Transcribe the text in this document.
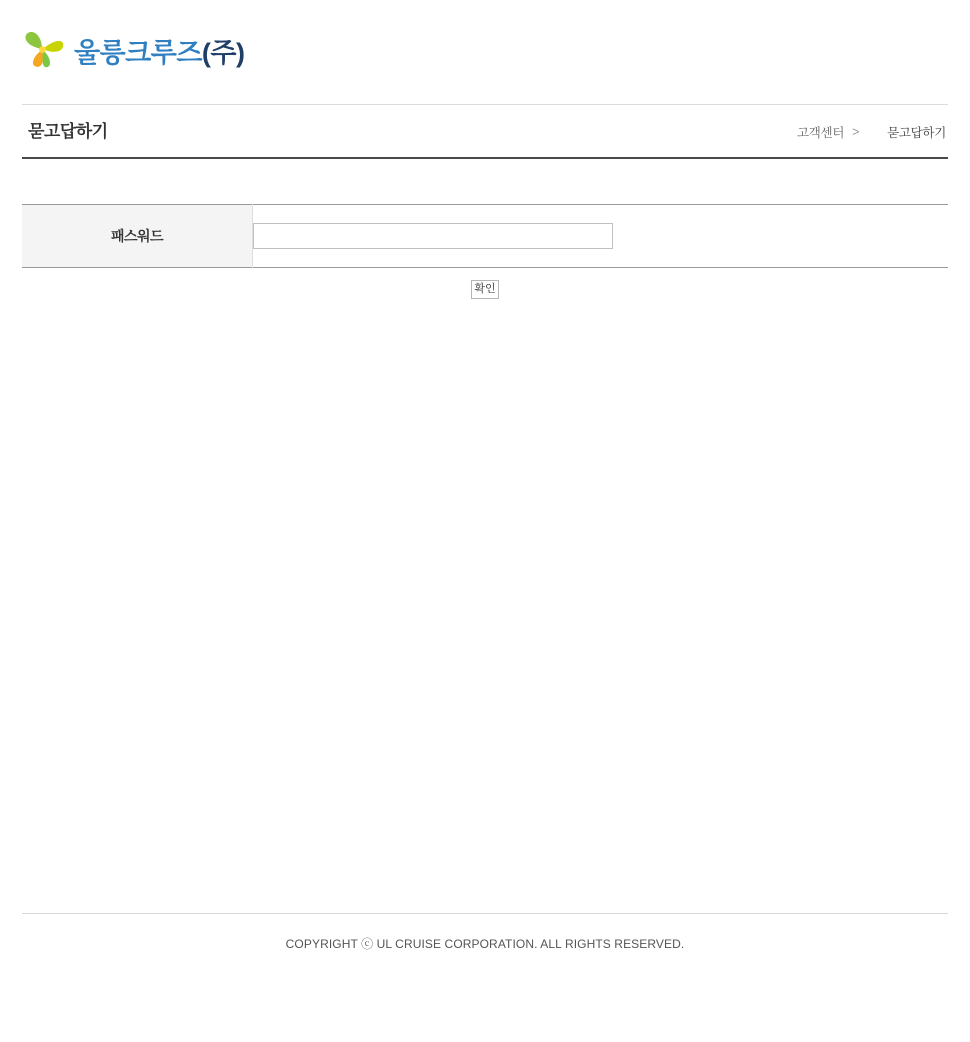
울릉크루즈(주)
묻고답하기	고객센터 > 묻고답하기
패스워드	
확인
COPYRIGHT ⓒ UL CRUISE CORPORATION. ALL RIGHTS RESERVED.
